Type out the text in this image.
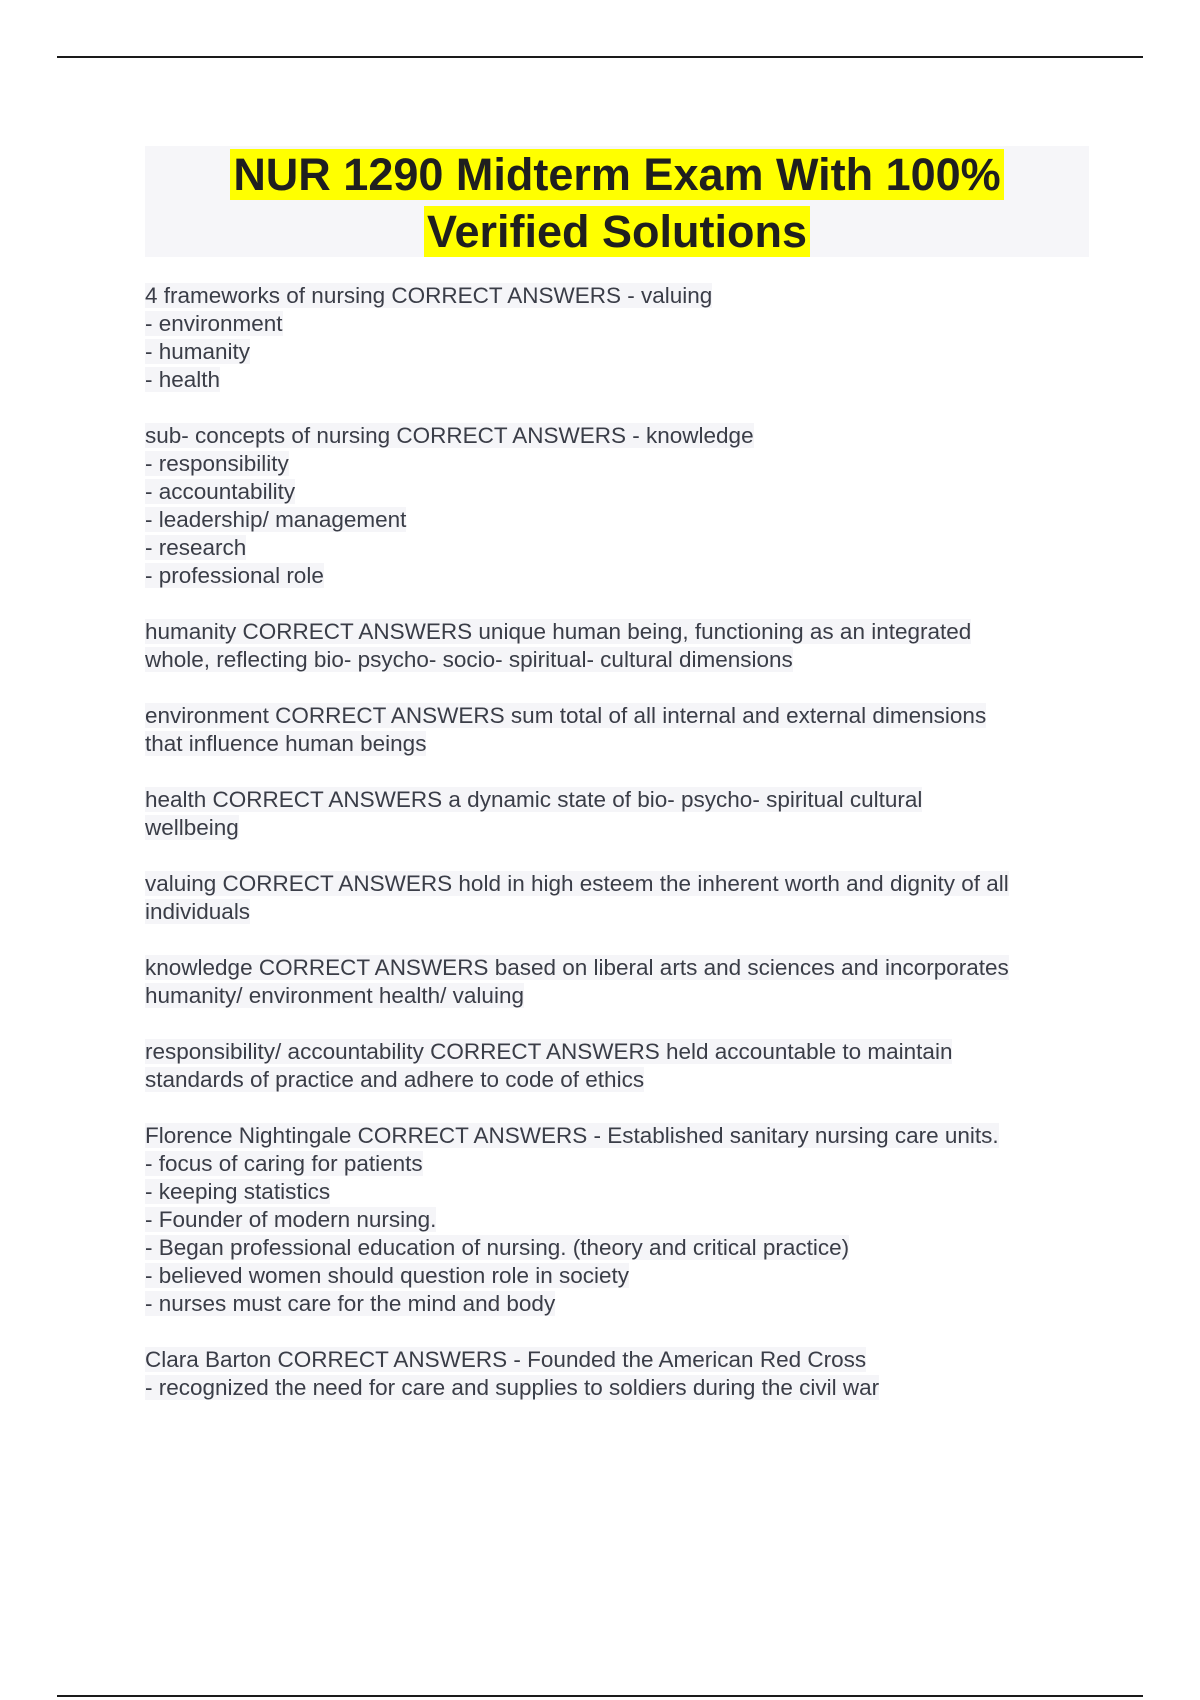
NUR 1290 Midterm Exam With 100%
Verified Solutions
4 frameworks of nursing CORRECT ANSWERS - valuing
- environment
- humanity
- health
sub- concepts of nursing CORRECT ANSWERS - knowledge
- responsibility
- accountability
- leadership/ management
- research
- professional role
humanity CORRECT ANSWERS unique human being, functioning as an integrated
whole, reflecting bio- psycho- socio- spiritual- cultural dimensions
environment CORRECT ANSWERS sum total of all internal and external dimensions
that influence human beings
health CORRECT ANSWERS a dynamic state of bio- psycho- spiritual cultural
wellbeing
valuing CORRECT ANSWERS hold in high esteem the inherent worth and dignity of all
individuals
knowledge CORRECT ANSWERS based on liberal arts and sciences and incorporates
humanity/ environment health/ valuing
responsibility/ accountability CORRECT ANSWERS held accountable to maintain
standards of practice and adhere to code of ethics
Florence Nightingale CORRECT ANSWERS - Established sanitary nursing care units.
- focus of caring for patients
- keeping statistics
- Founder of modern nursing.
- Began professional education of nursing. (theory and critical practice)
- believed women should question role in society
- nurses must care for the mind and body
Clara Barton CORRECT ANSWERS - Founded the American Red Cross
- recognized the need for care and supplies to soldiers during the civil war
